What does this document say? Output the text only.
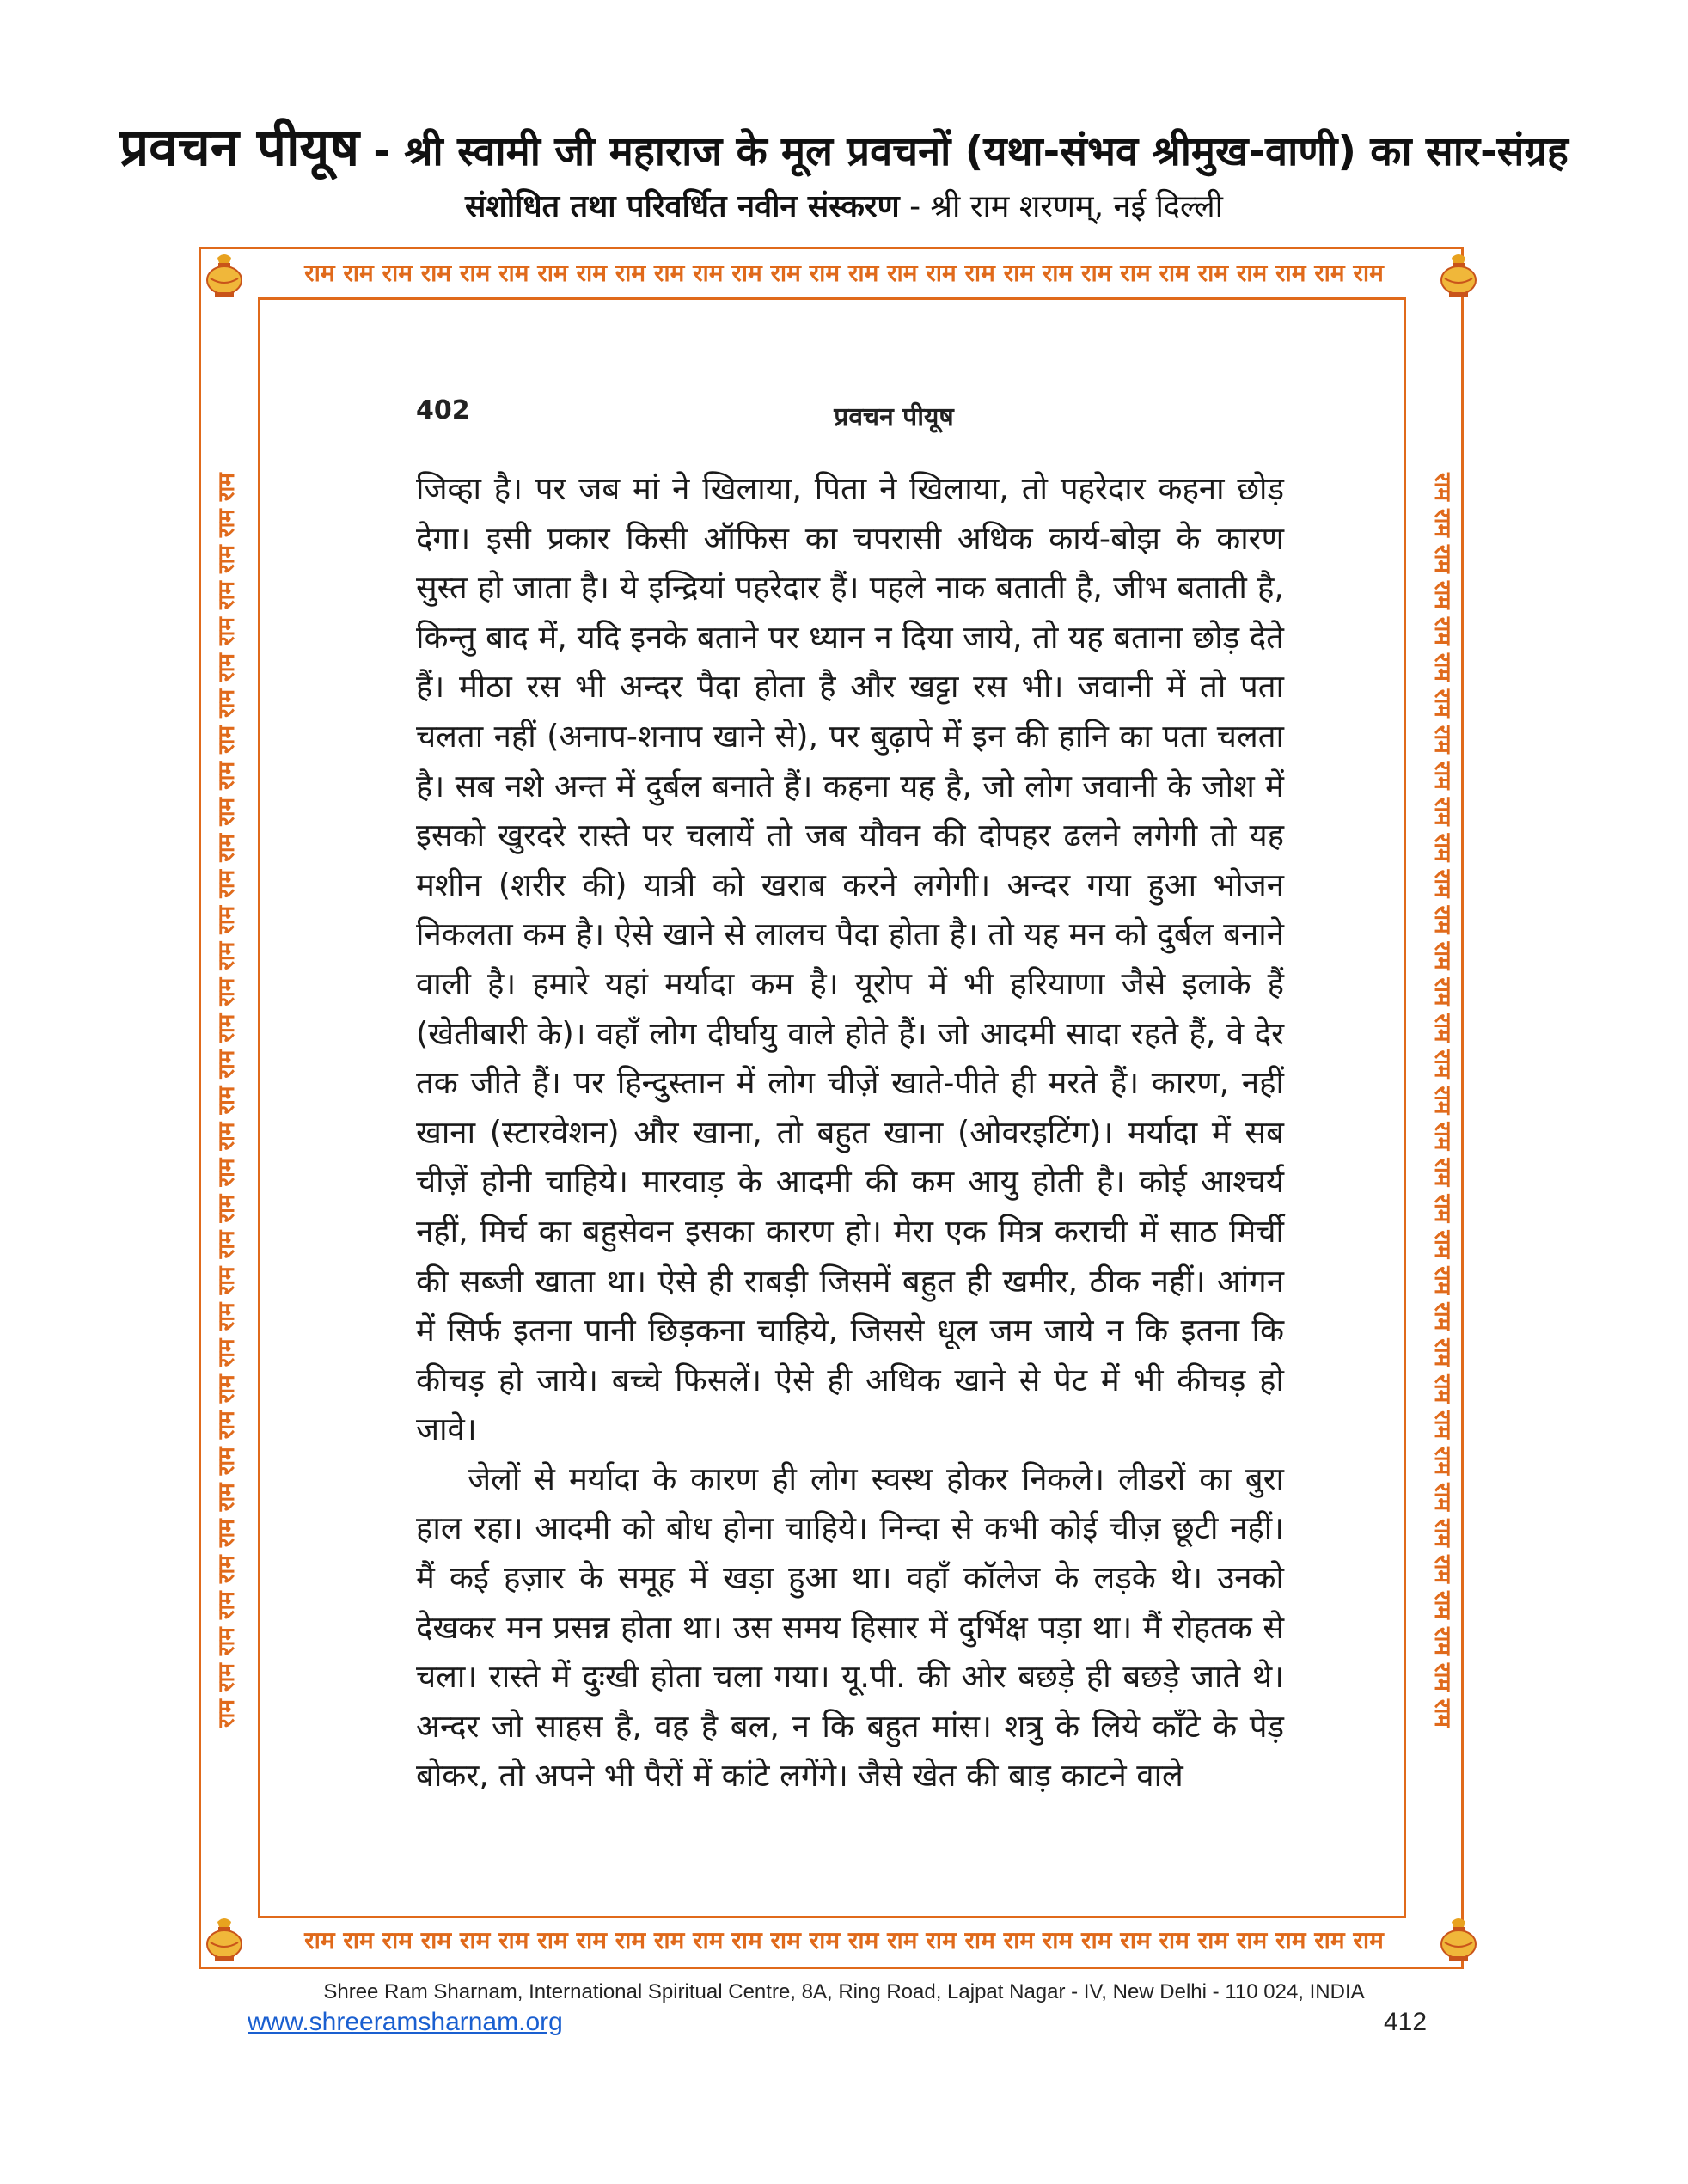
प्रवचन पीयूष - श्री स्वामी जी महाराज के मूल प्रवचनों (यथा-संभव श्रीमुख-वाणी) का सार-संग्रह
संशोधित तथा परिवर्धित नवीन संस्करण - श्री राम शरणम्, नई दिल्ली
राम राम राम राम राम राम राम राम राम राम राम राम राम राम राम राम राम राम राम राम राम राम राम राम राम राम राम राम
राम राम राम राम राम राम राम राम राम राम राम राम राम राम राम राम राम राम राम राम राम राम राम राम राम राम राम राम
राम राम राम राम राम राम राम राम राम राम राम राम राम राम राम राम राम राम राम राम राम राम राम राम राम राम राम राम राम राम राम राम राम राम राम	राम राम राम राम राम राम राम राम राम राम राम राम राम राम राम राम राम राम राम राम राम राम राम राम राम राम राम राम राम राम राम राम राम राम राम
402	प्रवचन पीयूष

जिव्हा है। पर जब मां ने खिलाया, पिता ने खिलाया, तो पहरेदार कहना छोड़ देगा। इसी प्रकार किसी ऑफिस का चपरासी अधिक कार्य-बोझ के कारण सुस्त हो जाता है। ये इन्द्रियां पहरेदार हैं। पहले नाक बताती है, जीभ बताती है, किन्तु बाद में, यदि इनके बताने पर ध्यान न दिया जाये, तो यह बताना छोड़ देते हैं। मीठा रस भी अन्दर पैदा होता है और खट्टा रस भी। जवानी में तो पता चलता नहीं (अनाप-शनाप खाने से), पर बुढ़ापे में इन की हानि का पता चलता है। सब नशे अन्त में दुर्बल बनाते हैं। कहना यह है, जो लोग जवानी के जोश में इसको खुरदरे रास्ते पर चलायें तो जब यौवन की दोपहर ढलने लगेगी तो यह मशीन (शरीर की) यात्री को खराब करने लगेगी। अन्दर गया हुआ भोजन निकलता कम है। ऐसे खाने से लालच पैदा होता है। तो यह मन को दुर्बल बनाने वाली है। हमारे यहां मर्यादा कम है। यूरोप में भी हरियाणा जैसे इलाके हैं (खेतीबारी के)। वहाँ लोग दीर्घायु वाले होते हैं। जो आदमी सादा रहते हैं, वे देर तक जीते हैं। पर हिन्दुस्तान में लोग चीज़ें खाते-पीते ही मरते हैं। कारण, नहीं खाना (स्टारवेशन) और खाना, तो बहुत खाना (ओवरइटिंग)। मर्यादा में सब चीज़ें होनी चाहिये। मारवाड़ के आदमी की कम आयु होती है। कोई आश्चर्य नहीं, मिर्च का बहुसेवन इसका कारण हो। मेरा एक मित्र कराची में साठ मिर्ची की सब्जी खाता था। ऐसे ही राबड़ी जिसमें बहुत ही खमीर, ठीक नहीं। आंगन में सिर्फ इतना पानी छिड़कना चाहिये, जिससे धूल जम जाये न कि इतना कि कीचड़ हो जाये। बच्चे फिसलें। ऐसे ही अधिक खाने से पेट में भी कीचड़ हो जावे।

जेलों से मर्यादा के कारण ही लोग स्वस्थ होकर निकले। लीडरों का बुरा हाल रहा। आदमी को बोध होना चाहिये। निन्दा से कभी कोई चीज़ छूटी नहीं। मैं कई हज़ार के समूह में खड़ा हुआ था। वहाँ कॉलेज के लड़के थे। उनको देखकर मन प्रसन्न होता था। उस समय हिसार में दुर्भिक्ष पड़ा था। मैं रोहतक से चला। रास्ते में दुःखी होता चला गया। यू.पी. की ओर बछड़े ही बछड़े जाते थे। अन्दर जो साहस है, वह है बल, न कि बहुत मांस। शत्रु के लिये काँटे के पेड़ बोकर, तो अपने भी पैरों में कांटे लगेंगे। जैसे खेत की बाड़ काटने वाले

Shree Ram Sharnam, International Spiritual Centre, 8A, Ring Road, Lajpat Nagar - IV, New Delhi - 110 024, INDIA
www.shreeramsharnam.org	412
